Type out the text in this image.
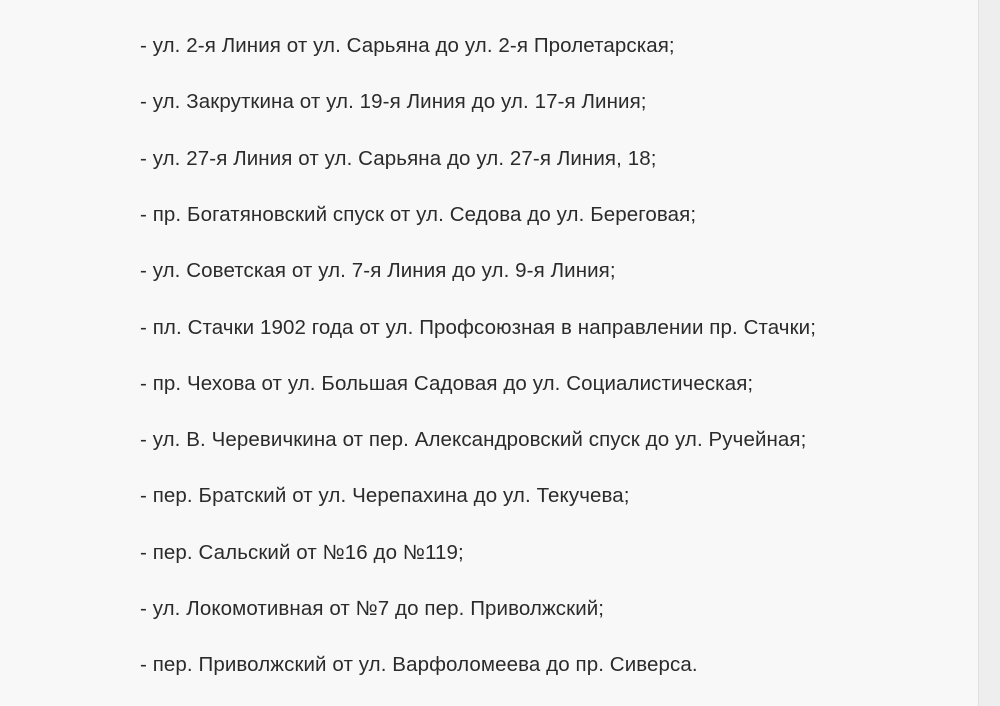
- ул. 2-я Линия от ул. Сарьяна до ул. 2-я Пролетарская;
- ул. Закруткина от ул. 19-я Линия до ул. 17-я Линия;
- ул. 27-я Линия от ул. Сарьяна до ул. 27-я Линия, 18;
- пр. Богатяновский спуск от ул. Седова до ул. Береговая;
- ул. Советская от ул. 7-я Линия до ул. 9-я Линия;
- пл. Стачки 1902 года от ул. Профсоюзная в направлении пр. Стачки;
- пр. Чехова от ул. Большая Садовая до ул. Социалистическая;
- ул. В. Черевичкина от пер. Александровский спуск до ул. Ручейная;
- пер. Братский от ул. Черепахина до ул. Текучева;
- пер. Сальский от №16 до №119;
- ул. Локомотивная от №7 до пер. Приволжский;
- пер. Приволжский от ул. Варфоломеева до пр. Сиверса.
